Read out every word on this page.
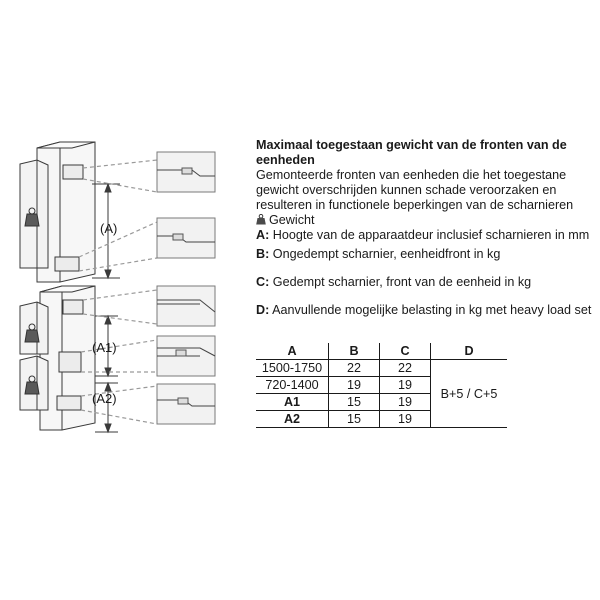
(A)
(A1)
(A2)
Maximaal toegestaan gewicht van de fronten van de eenheden

Gemonteerde fronten van eenheden die het toegestane gewicht overschrijden kunnen schade veroorzaken en resulteren in functionele beperkingen van de scharnieren

Gewicht

A: Hoogte van de apparaatdeur inclusief scharnieren in mm

B: Ongedempt scharnier, eenheidfront in kg

C: Gedempt scharnier, front van de eenheid in kg

D: Aanvullende mogelijke belasting in kg met heavy load set

A	B	C	D
1500-1750	22	22	B+5 / C+5
720-1400	19	19	
A1	15	19	
A2	15	19	
